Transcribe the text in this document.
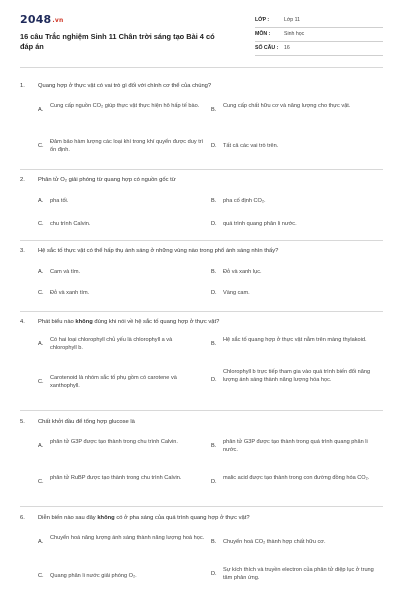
2048.vn
16 câu Trắc nghiệm Sinh 11 Chân trời sáng tạo Bài 4 có đáp án
LỚP :	Lớp 11
MÔN :	Sinh học
SỐ CÂU : 16
1. Quang hợp ở thực vật có vai trò gì đối với chính cơ thể của chúng?
A.
Cung cấp nguồn CO₂ giúp thực vật thực hiện hô hấp tế bào.
B.
Cung cấp chất hữu cơ và năng lượng cho thực vật.
C.
Đảm bảo hàm lượng các loại khí trong khí quyển được duy trì ổn định.
D.	Tất cả các vai trò trên.
2. Phân tử O₂ giải phóng từ quang hợp có nguồn gốc từ
A.	pha tối.	B.	pha cố định CO₂.
C.	chu trình Calvin.	D.	quá trình quang phân li nước.
3. Hệ sắc tố thực vật có thể hấp thụ ánh sáng ở những vùng nào trong phổ ánh sáng nhìn thấy?
A.	Cam và tím.	B.	Đỏ và xanh lục.
C.	Đỏ và xanh tím.	D.	Vàng cam.
4. Phát biểu nào không đúng khi nói về hệ sắc tố quang hợp ở thực vật?
A.
Có hai loại chlorophyll chủ yếu là chlorophyll a và chlorophyll b.
B.
Hệ sắc tố quang hợp ở thực vật nằm trên màng thylakoid.
C.
Carotenoid là nhóm sắc tố phụ gồm có carotene và xanthophyll.
D.
Chlorophyll b trực tiếp tham gia vào quá trình biến đổi năng lượng ánh sáng thành năng lượng hóa học.
5. Chất khởi đầu để tổng hợp glucose là
A.
phân tử G3P được tạo thành trong chu trình Calvin.
B.
phân tử G3P được tạo thành trong quá trình quang phân li nước.
C.
phân tử RuBP được tạo thành trong chu trình Calvin.
D.
malic acid được tạo thành trong con đường đồng hóa CO₂.
6. Diễn biến nào sau đây không có ở pha sáng của quá trình quang hợp ở thực vật?
A.
Chuyển hoá năng lượng ánh sáng thành năng lượng hoá học.
B.	Chuyển hoá CO₂ thành hợp chất hữu cơ.
C.	Quang phân li nước giải phóng O₂.	D.
Sự kích thích và truyền electron của phân tử diệp lục ở trung tâm phản ứng.
